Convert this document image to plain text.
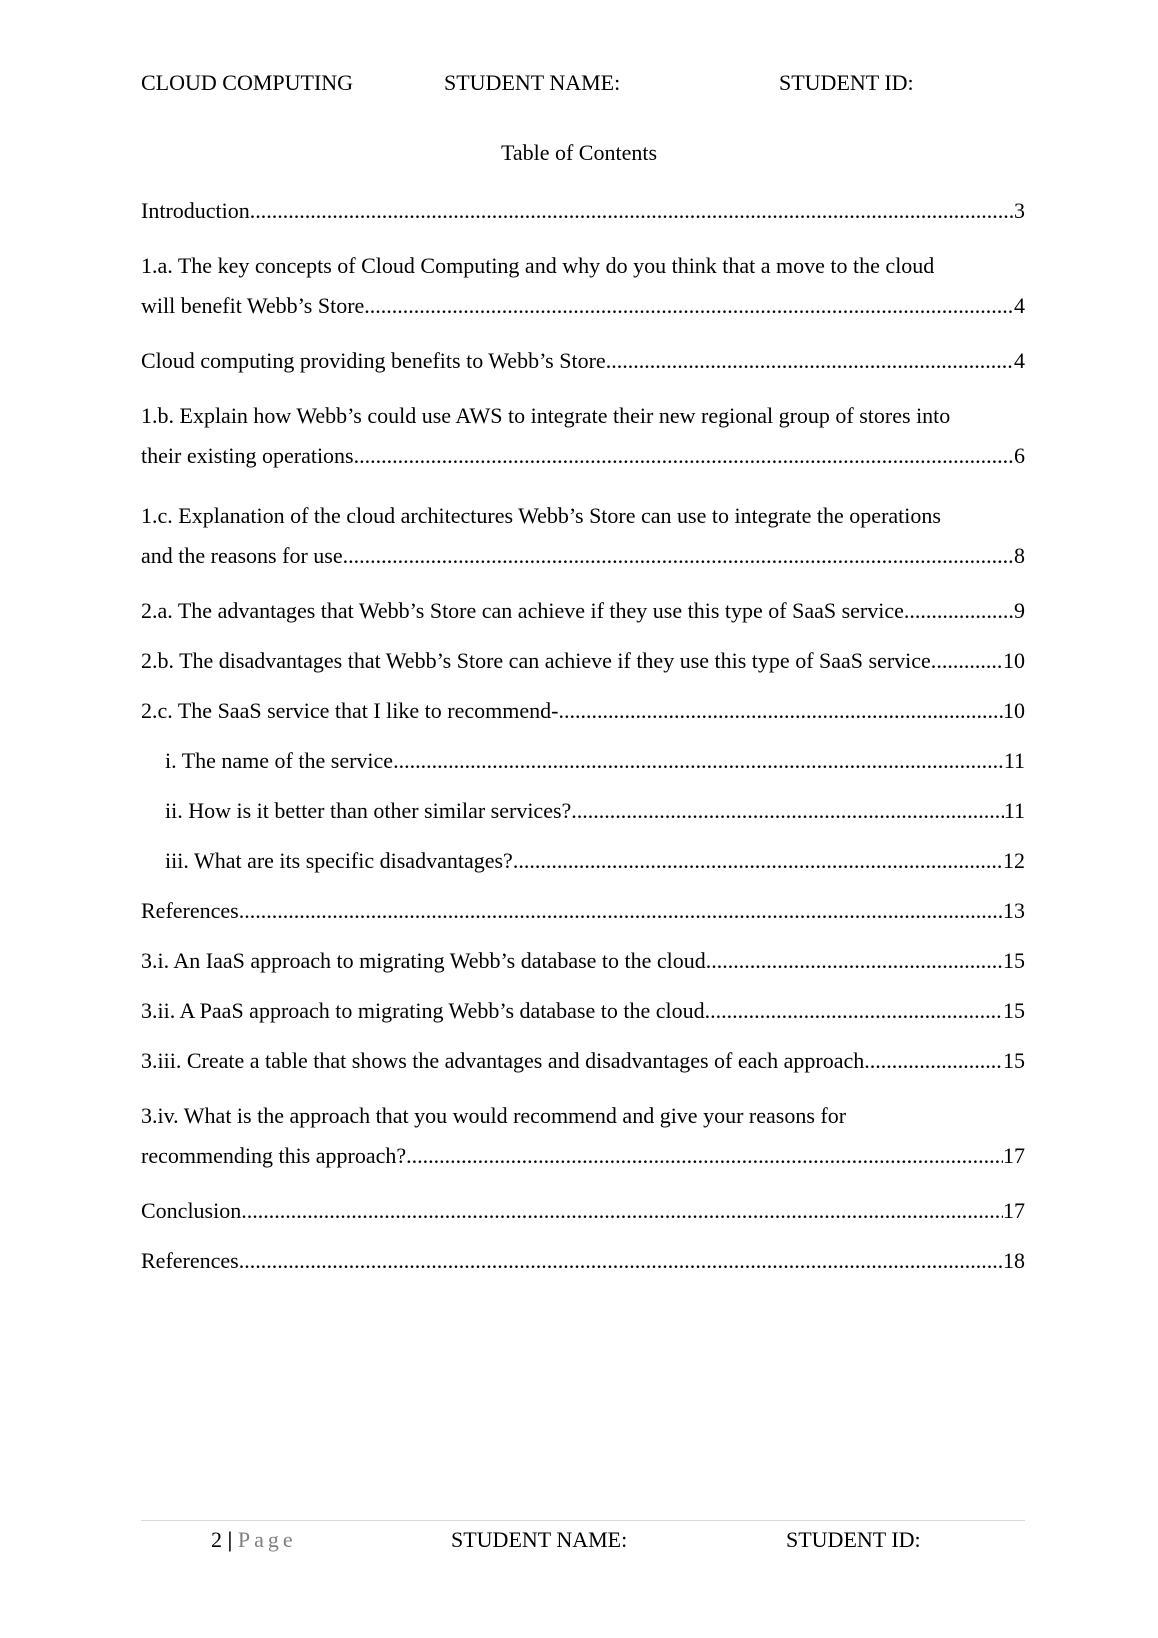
CLOUD COMPUTING	STUDENT NAME:	STUDENT ID:
Table of Contents
Introduction .....	3
1.a. The key concepts of Cloud Computing and why do you think that a move to the cloud
will benefit Webb’s Store .....	4
Cloud computing providing benefits to Webb’s Store .....	4
1.b. Explain how Webb’s could use AWS to integrate their new regional group of stores into
their existing operations .....	6
1.c. Explanation of the cloud architectures Webb’s Store can use to integrate the operations
and the reasons for use .....	8
2.a. The advantages that Webb’s Store can achieve if they use this type of SaaS service .....	9
2.b. The disadvantages that Webb’s Store can achieve if they use this type of SaaS service. .....	10
2.c. The SaaS service that I like to recommend- .....	10
i. The name of the service .....	11
ii. How is it better than other similar services? .....	11
iii. What are its specific disadvantages? .....	12
References .....	13
3.i. An IaaS approach to migrating Webb’s database to the cloud .....	15
3.ii. A PaaS approach to migrating Webb’s database to the cloud .....	15
3.iii. Create a table that shows the advantages and disadvantages of each approach .....	15
3.iv. What is the approach that you would recommend and give your reasons for
recommending this approach? .....	17
Conclusion .....	17
References .....	18
2 | Page	STUDENT NAME:	STUDENT ID:
